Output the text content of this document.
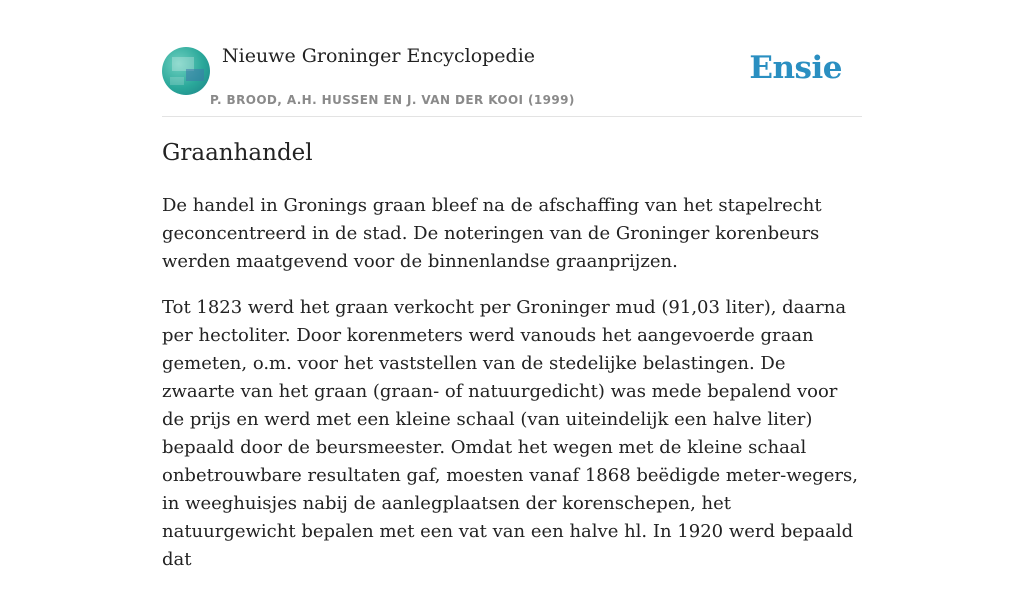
Nieuwe Groninger Encyclopedie
P. BROOD, A.H. HUSSEN EN J. VAN DER KOOI (1999)
Ensie
Graanhandel

De handel in Gronings graan bleef na de afschaffing van het stapelrecht geconcentreerd in de stad. De noteringen van de Groninger korenbeurs werden maatgevend voor de binnenlandse graanprijzen.

Tot 1823 werd het graan verkocht per Groninger mud (91,03 liter), daarna per hectoliter. Door korenmeters werd vanouds het aangevoerde graan gemeten, o.m. voor het vaststellen van de stedelijke belastingen. De zwaarte van het graan (graan- of natuurgedicht) was mede bepalend voor de prijs en werd met een kleine schaal (van uiteindelijk een halve liter) bepaald door de beursmeester. Omdat het wegen met de kleine schaal onbetrouwbare resultaten gaf, moesten vanaf 1868 beëdigde meter-wegers, in weeghuisjes nabij de aanlegplaatsen der korenschepen, het natuurgewicht bepalen met een vat van een halve hl. In 1920 werd bepaald dat
